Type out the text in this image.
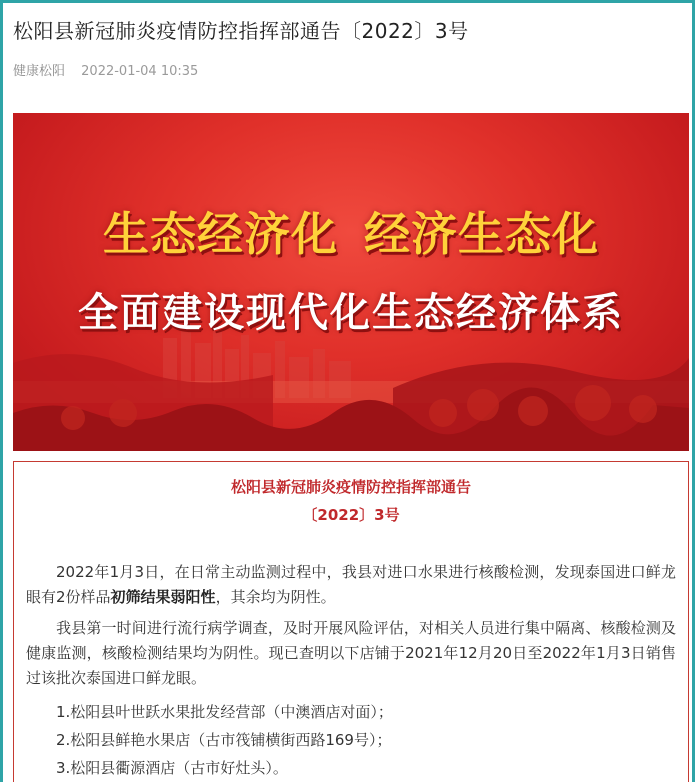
松阳县新冠肺炎疫情防控指挥部通告〔2022〕3号
健康松阳 2022-01-04 10:35
生态经济化 经济生态化
全面建设现代化生态经济体系
松阳县新冠肺炎疫情防控指挥部通告
〔2022〕3号
2022年1月3日，在日常主动监测过程中，我县对进口水果进行核酸检测，发现泰国进口鲜龙眼有2份样品初筛结果弱阳性，其余均为阴性。
我县第一时间进行流行病学调查，及时开展风险评估，对相关人员进行集中隔离、核酸检测及健康监测，核酸检测结果均为阴性。现已查明以下店铺于2021年12月20日至2022年1月3日销售过该批次泰国进口鲜龙眼。
1.松阳县叶世跃水果批发经营部（中澳酒店对面）；
2.松阳县鲜艳水果店（古市筏铺横街西路169号）；
3.松阳县衢源酒店（古市好灶头）。
